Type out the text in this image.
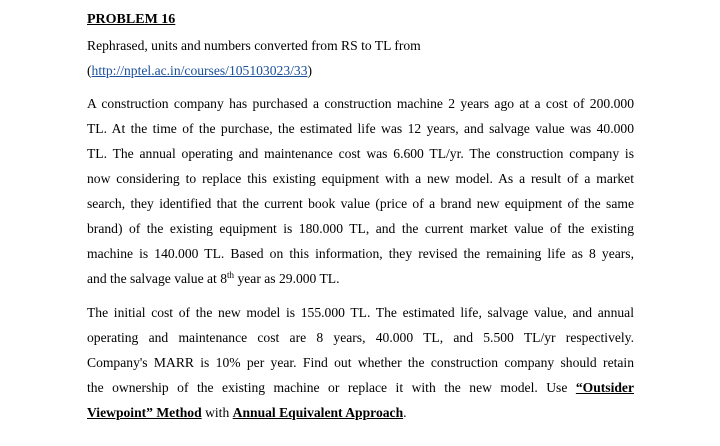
PROBLEM 16
Rephrased, units and numbers converted from RS to TL from
(http://nptel.ac.in/courses/105103023/33)
A construction company has purchased a construction machine 2 years ago at a cost of 200.000
TL. At the time of the purchase, the estimated life was 12 years, and salvage value was 40.000
TL. The annual operating and maintenance cost was 6.600 TL/yr. The construction company is
now considering to replace this existing equipment with a new model. As a result of a market
search, they identified that the current book value (price of a brand new equipment of the same
brand) of the existing equipment is 180.000 TL, and the current market value of the existing
machine is 140.000 TL. Based on this information, they revised the remaining life as 8 years,
and the salvage value at 8th year as 29.000 TL.
The initial cost of the new model is 155.000 TL. The estimated life, salvage value, and annual
operating and maintenance cost are 8 years, 40.000 TL, and 5.500 TL/yr respectively.
Company's MARR is 10% per year. Find out whether the construction company should retain
the ownership of the existing machine or replace it with the new model. Use “Outsider
Viewpoint” Method with Annual Equivalent Approach.
